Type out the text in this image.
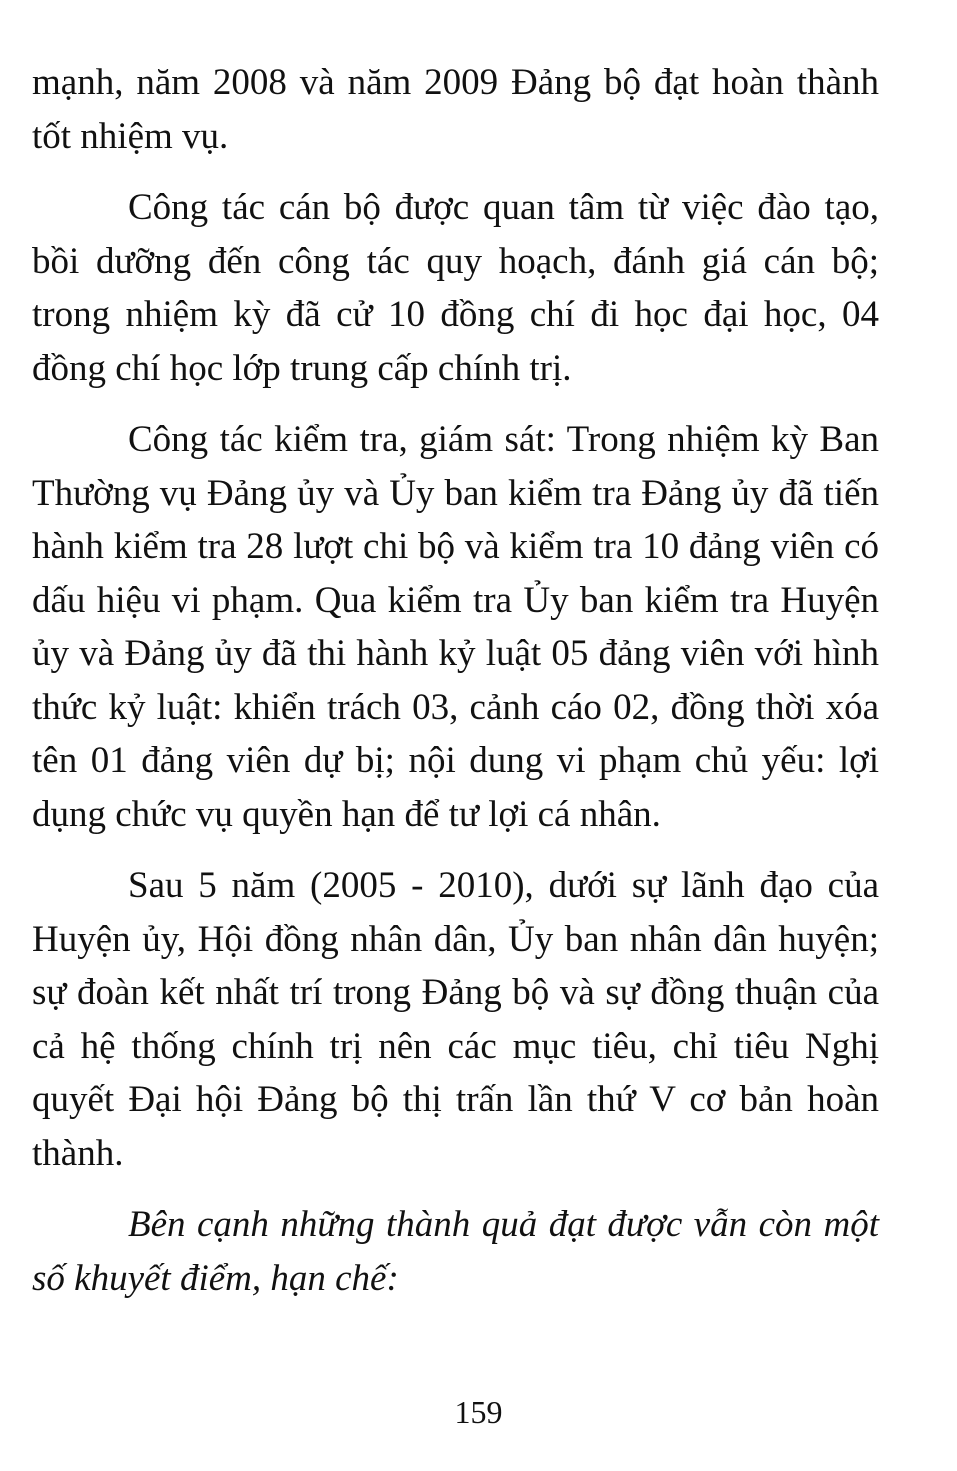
mạnh, năm 2008 và năm 2009 Đảng bộ đạt hoàn thành tốt nhiệm vụ.

Công tác cán bộ được quan tâm từ việc đào tạo, bồi dưỡng đến công tác quy hoạch, đánh giá cán bộ; trong nhiệm kỳ đã cử 10 đồng chí đi học đại học, 04 đồng chí học lớp trung cấp chính trị.

Công tác kiểm tra, giám sát: Trong nhiệm kỳ Ban Thường vụ Đảng ủy và Ủy ban kiểm tra Đảng ủy đã tiến hành kiểm tra 28 lượt chi bộ và kiểm tra 10 đảng viên có dấu hiệu vi phạm. Qua kiểm tra Ủy ban kiểm tra Huyện ủy và Đảng ủy đã thi hành kỷ luật 05 đảng viên với hình thức kỷ luật: khiển trách 03, cảnh cáo 02, đồng thời xóa tên 01 đảng viên dự bị; nội dung vi phạm chủ yếu: lợi dụng chức vụ quyền hạn để tư lợi cá nhân.

Sau 5 năm (2005 - 2010), dưới sự lãnh đạo của Huyện ủy, Hội đồng nhân dân, Ủy ban nhân dân huyện; sự đoàn kết nhất trí trong Đảng bộ và sự đồng thuận của cả hệ thống chính trị nên các mục tiêu, chỉ tiêu Nghị quyết Đại hội Đảng bộ thị trấn lần thứ V cơ bản hoàn thành.

Bên cạnh những thành quả đạt được vẫn còn một số khuyết điểm, hạn chế:

159
